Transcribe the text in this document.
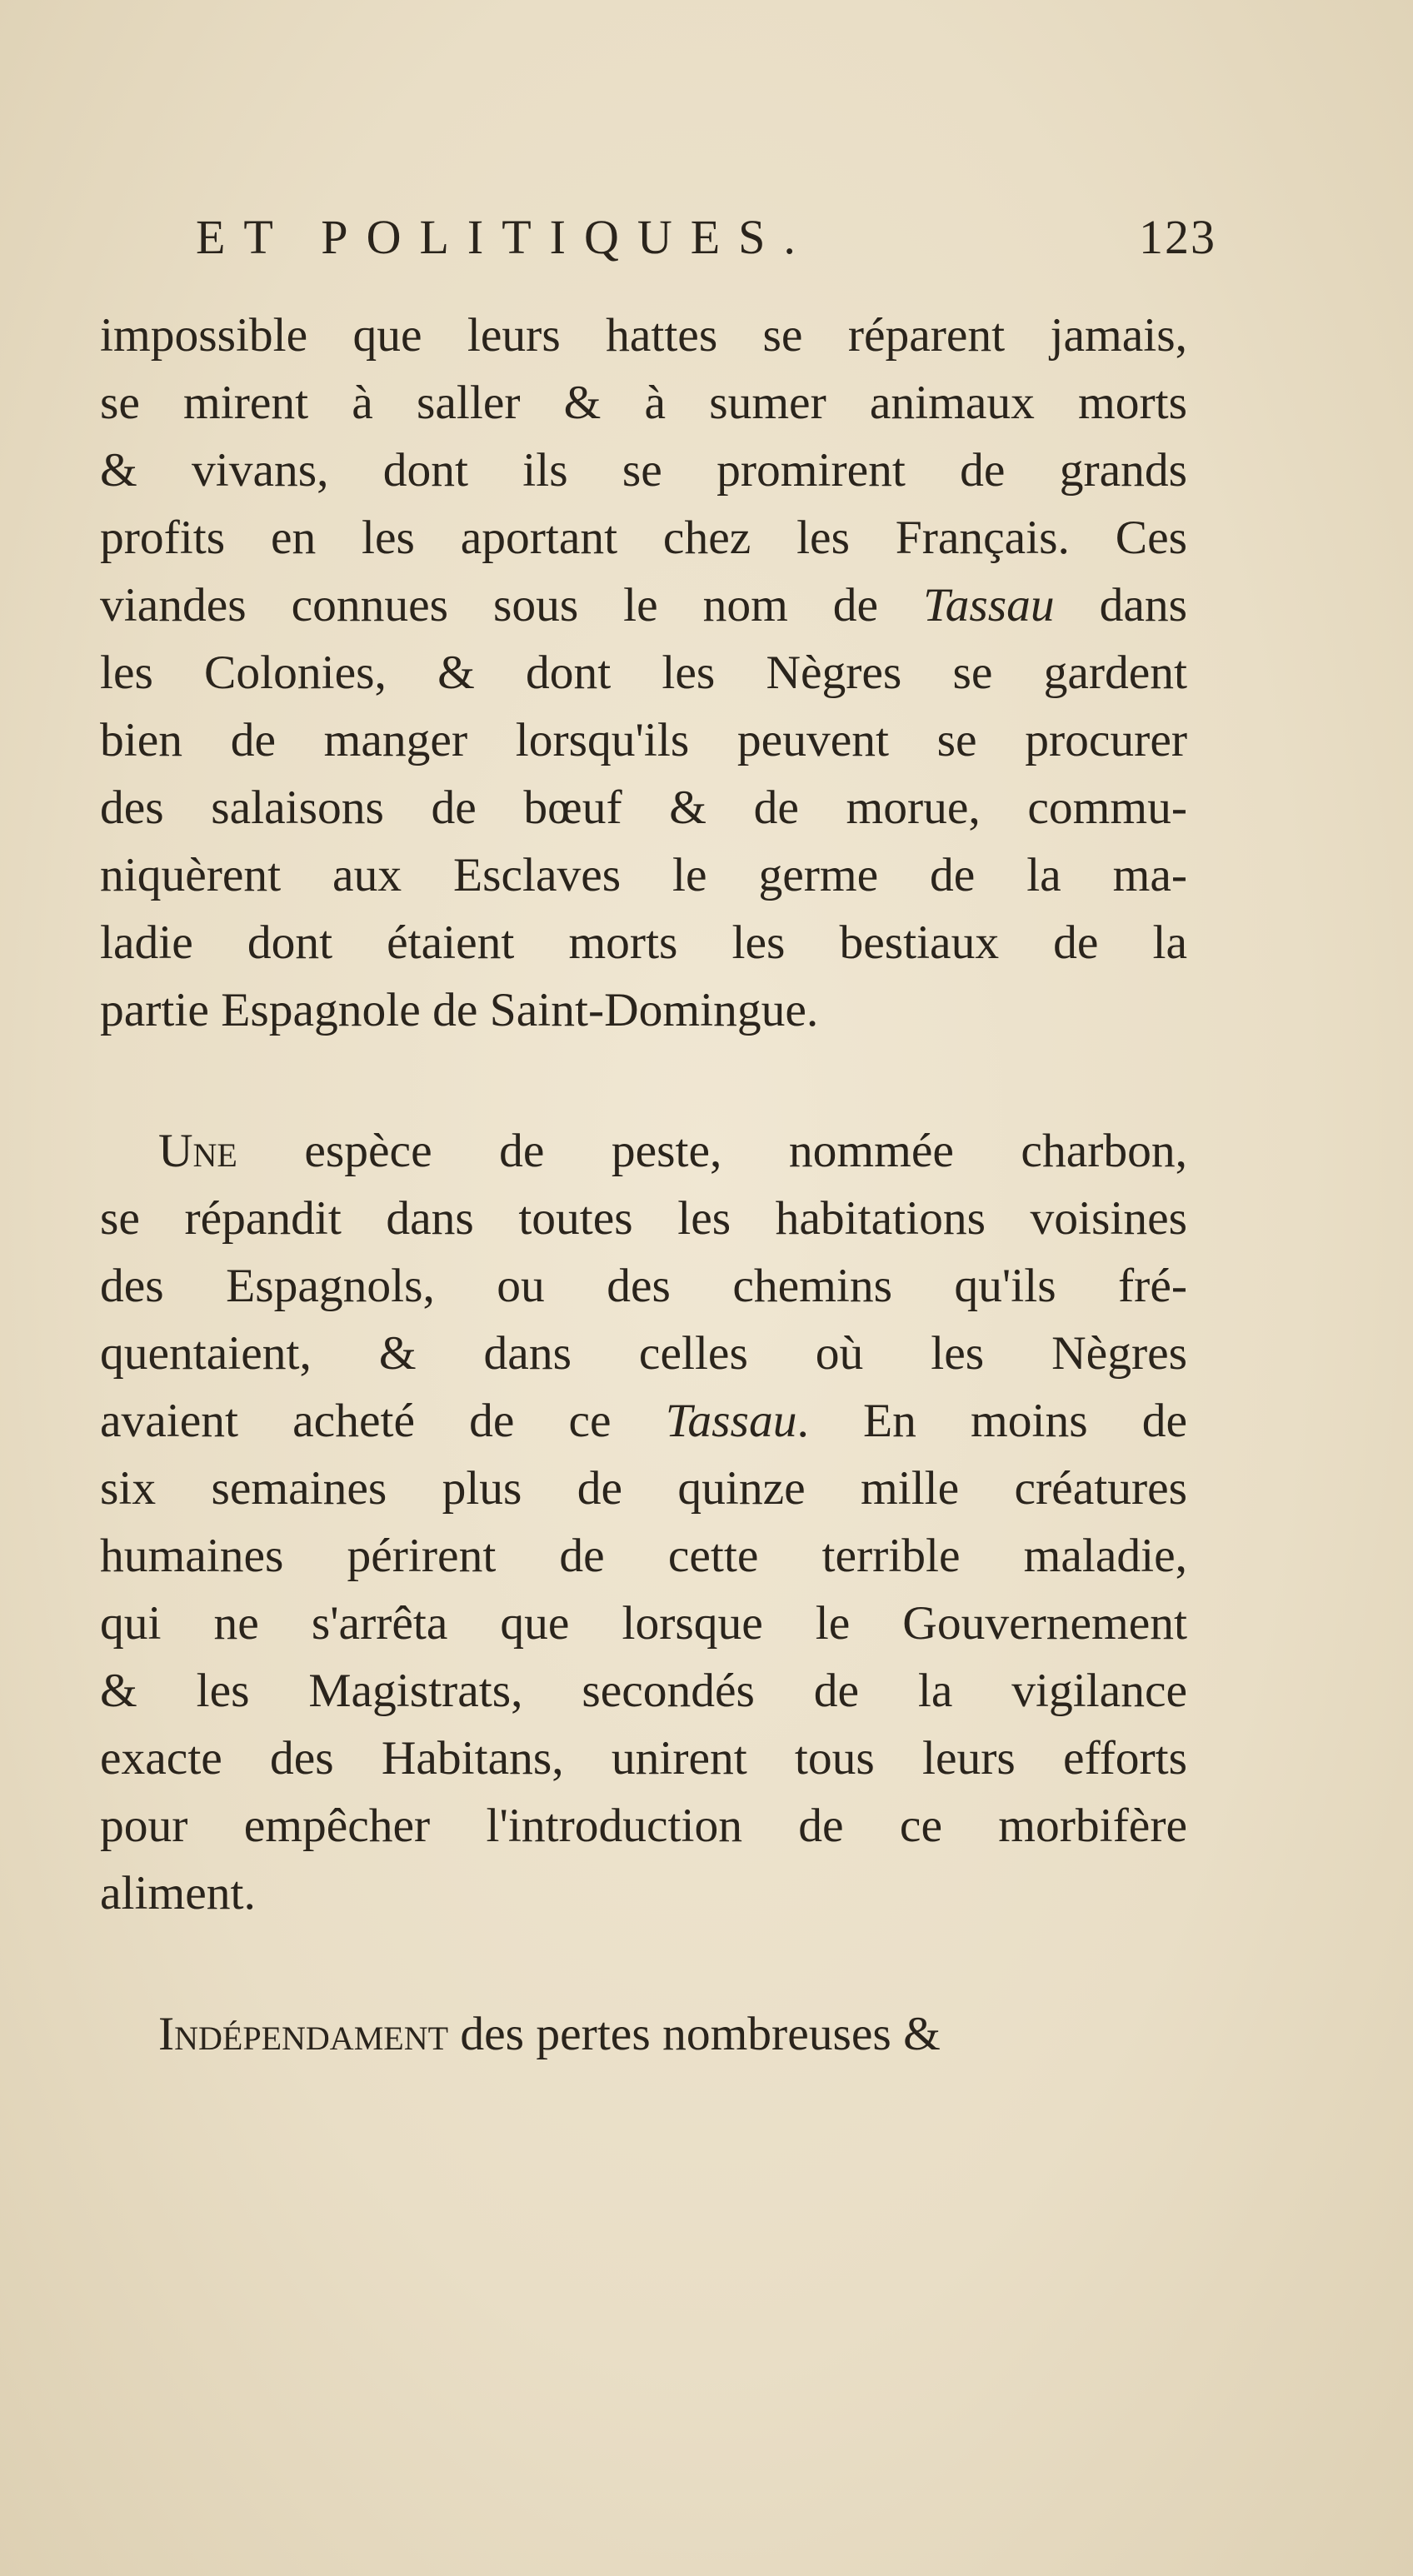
ET POLITIQUES.	123
impossible que leurs hattes se réparent jamais,
se mirent à saller & à sumer animaux morts
& vivans, dont ils se promirent de grands
profits en les aportant chez les Français. Ces
viandes connues sous le nom de Tassau dans
les Colonies, & dont les Nègres se gardent
bien de manger lorsqu'ils peuvent se procurer
des salaisons de bœuf & de morue, commu-
niquèrent aux Esclaves le germe de la ma-
ladie dont étaient morts les bestiaux de la
partie Espagnole de Saint-Domingue.
Une espèce de peste, nommée charbon,
se répandit dans toutes les habitations voisines
des Espagnols, ou des chemins qu'ils fré-
quentaient, & dans celles où les Nègres
avaient acheté de ce Tassau. En moins de
six semaines plus de quinze mille créatures
humaines périrent de cette terrible maladie,
qui ne s'arrêta que lorsque le Gouvernement
& les Magistrats, secondés de la vigilance
exacte des Habitans, unirent tous leurs efforts
pour empêcher l'introduction de ce morbifère
aliment.
Indépendament des pertes nombreuses &
